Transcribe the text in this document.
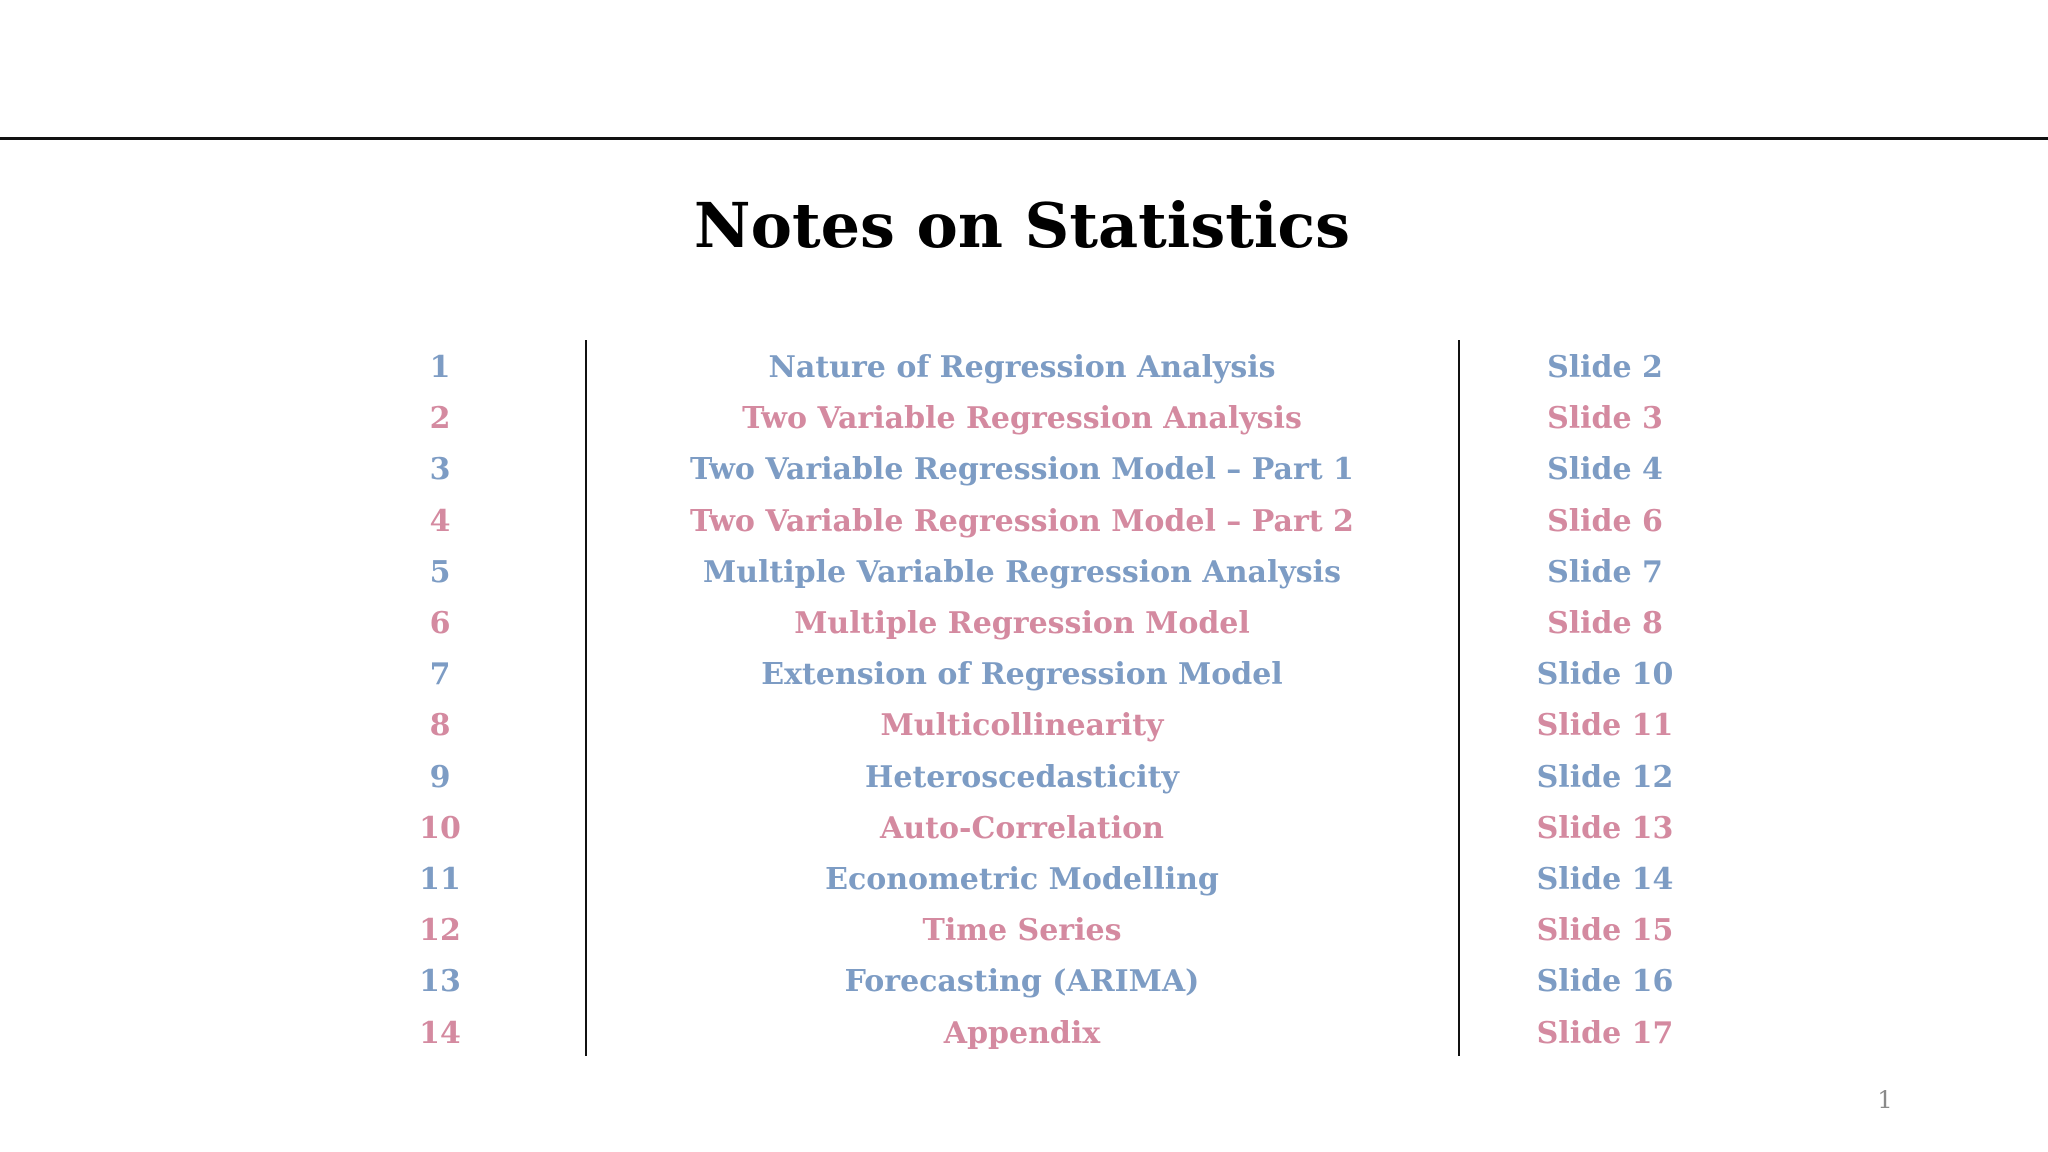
Notes on Statistics
1	Nature of Regression Analysis	Slide 2
2	Two Variable Regression Analysis	Slide 3
3	Two Variable Regression Model – Part 1	Slide 4
4	Two Variable Regression Model – Part 2	Slide 6
5	Multiple Variable Regression Analysis	Slide 7
6	Multiple Regression Model	Slide 8
7	Extension of Regression Model	Slide 10
8	Multicollinearity	Slide 11
9	Heteroscedasticity	Slide 12
10	Auto-Correlation	Slide 13
11	Econometric Modelling	Slide 14
12	Time Series	Slide 15
13	Forecasting (ARIMA)	Slide 16
14	Appendix	Slide 17
1
